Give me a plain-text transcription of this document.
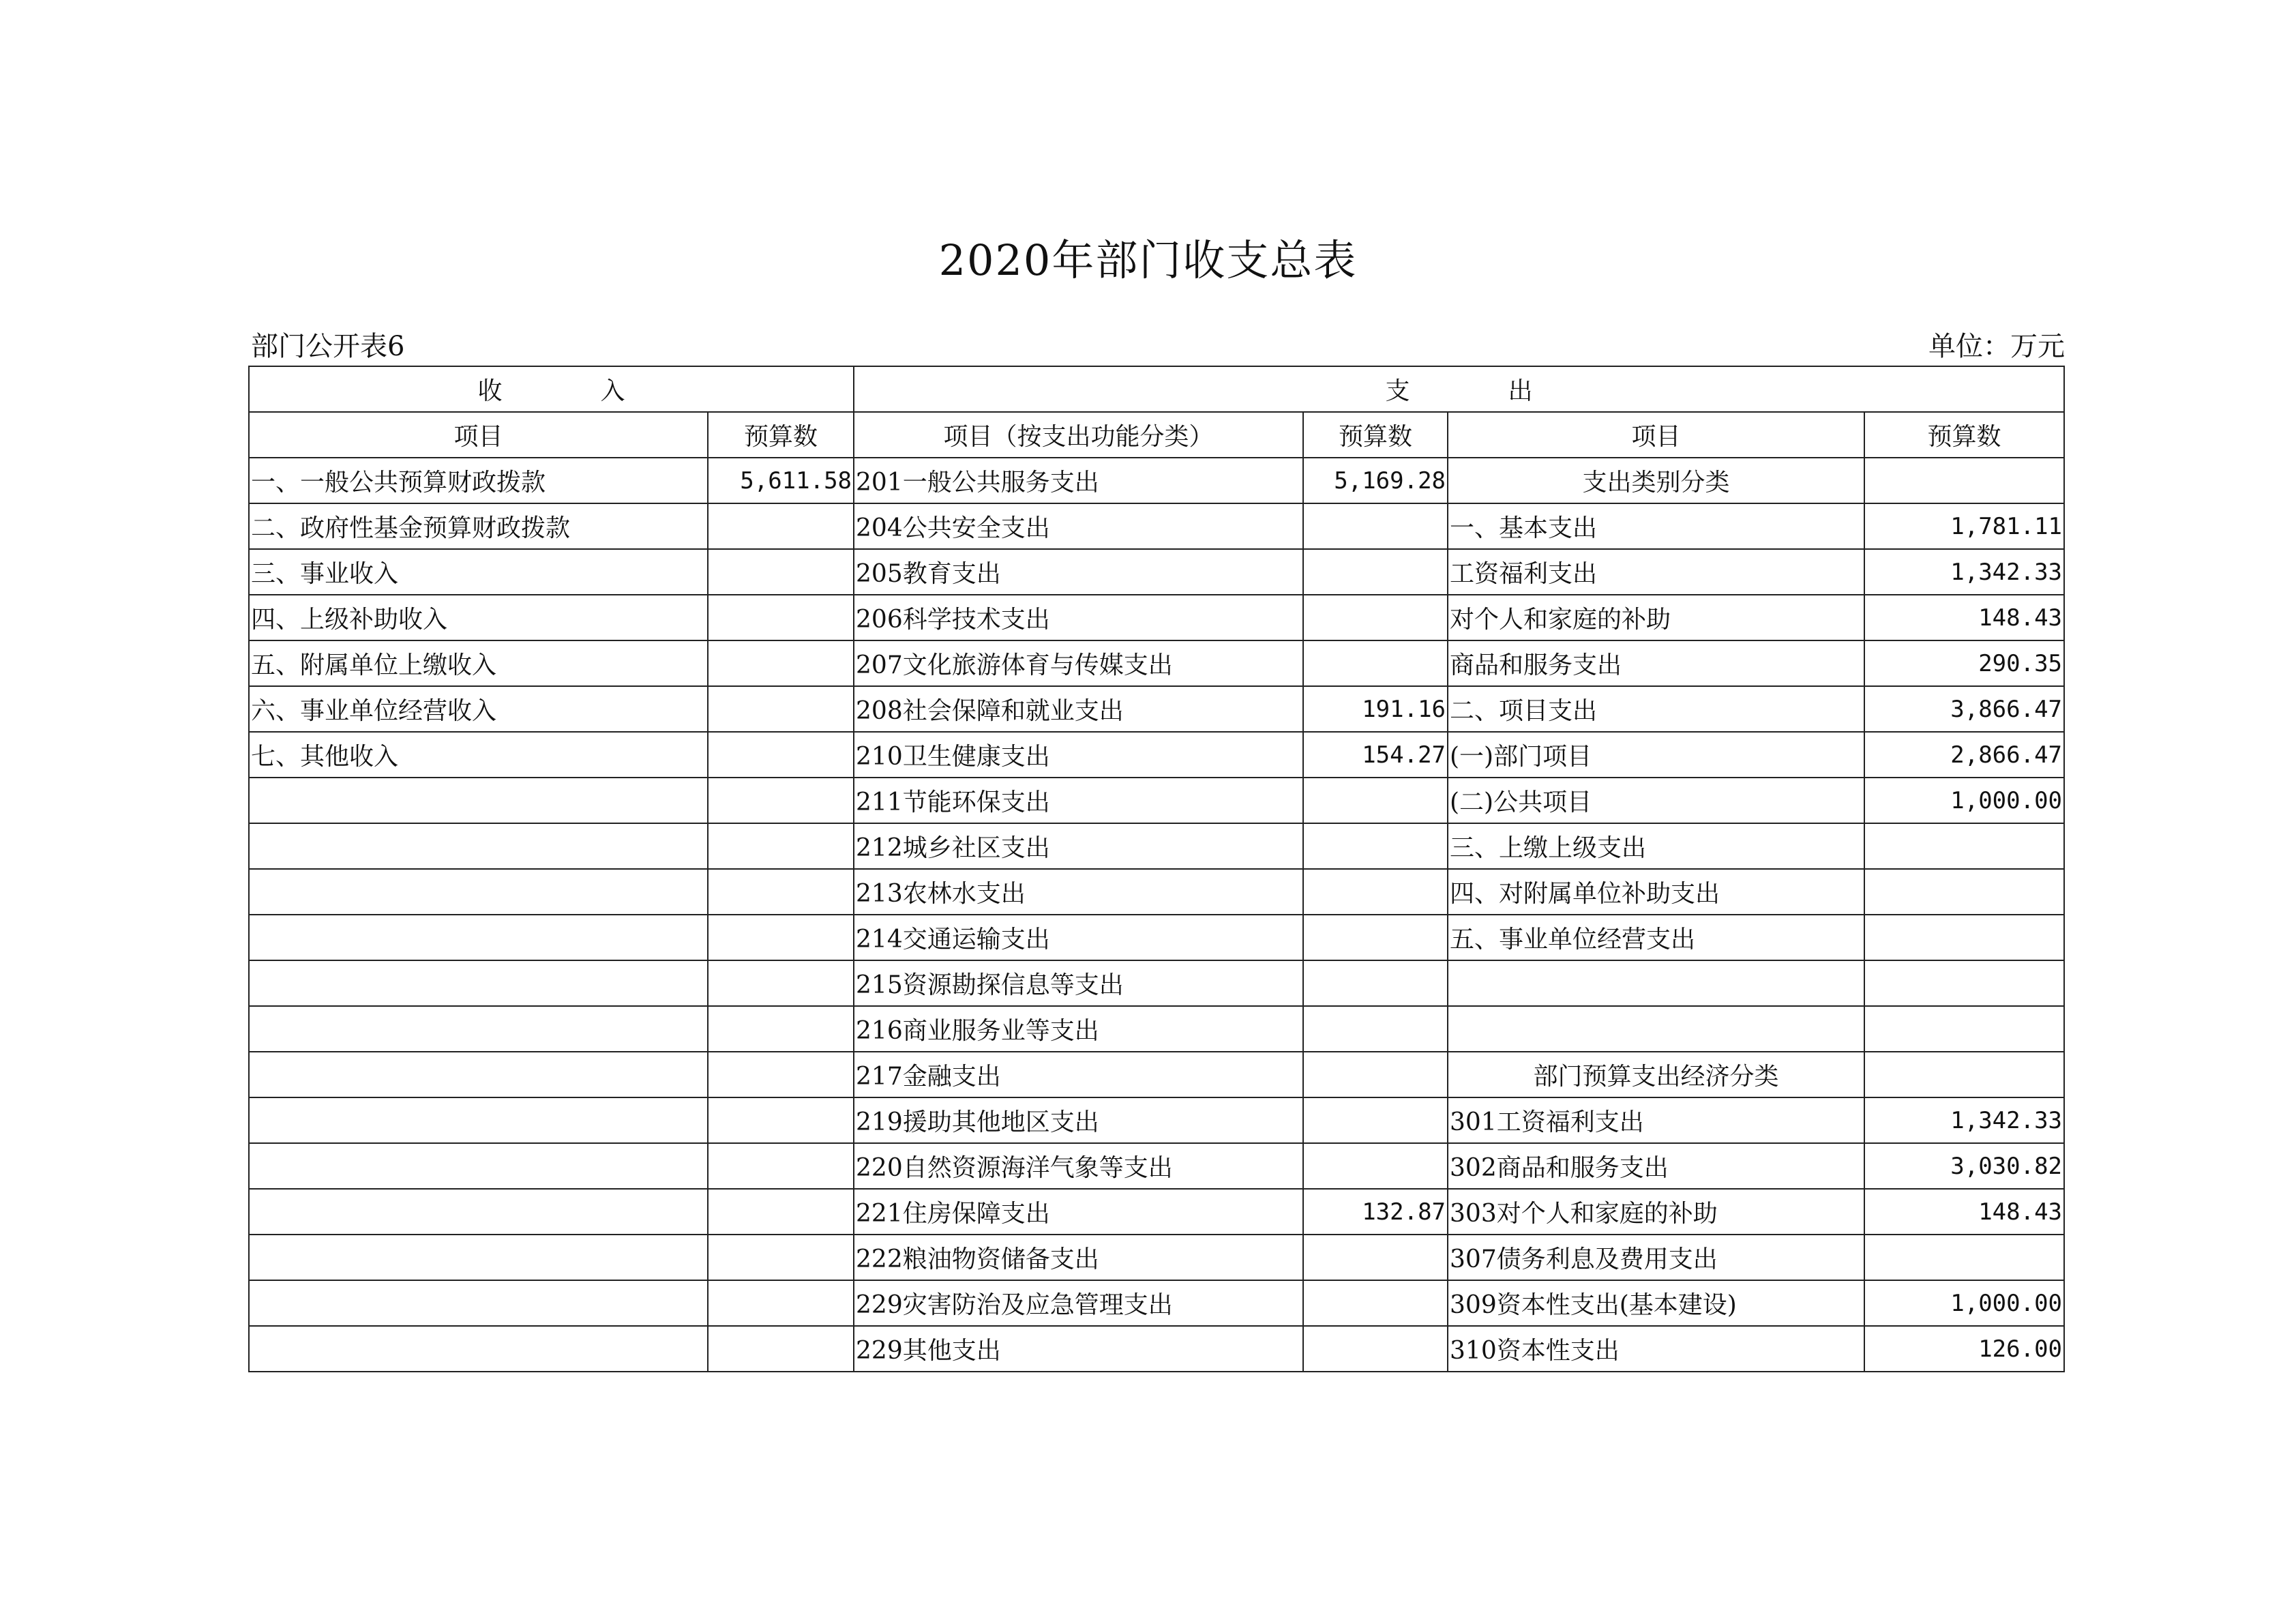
2020年部门收支总表
部门公开表6	单位：万元
收　　　　入		支　　　　出			
项目	预算数	项目（按支出功能分类）	预算数	项目	预算数
一、一般公共预算财政拨款	5,611.58	201一般公共服务支出	5,169.28	支出类别分类	
二、政府性基金预算财政拨款		204公共安全支出		一、基本支出	1,781.11
三、事业收入		205教育支出		工资福利支出	1,342.33
四、上级补助收入		206科学技术支出		对个人和家庭的补助	148.43
五、附属单位上缴收入		207文化旅游体育与传媒支出		商品和服务支出	290.35
六、事业单位经营收入		208社会保障和就业支出	191.16	二、项目支出	3,866.47
七、其他收入		210卫生健康支出	154.27	(一)部门项目	2,866.47
		211节能环保支出		(二)公共项目	1,000.00
		212城乡社区支出		三、上缴上级支出	
		213农林水支出		四、对附属单位补助支出	
		214交通运输支出		五、事业单位经营支出	
		215资源勘探信息等支出			
		216商业服务业等支出			
		217金融支出		部门预算支出经济分类	
		219援助其他地区支出		301工资福利支出	1,342.33
		220自然资源海洋气象等支出		302商品和服务支出	3,030.82
		221住房保障支出	132.87	303对个人和家庭的补助	148.43
		222粮油物资储备支出		307债务利息及费用支出	
		229灾害防治及应急管理支出		309资本性支出(基本建设)	1,000.00
		229其他支出		310资本性支出	126.00
